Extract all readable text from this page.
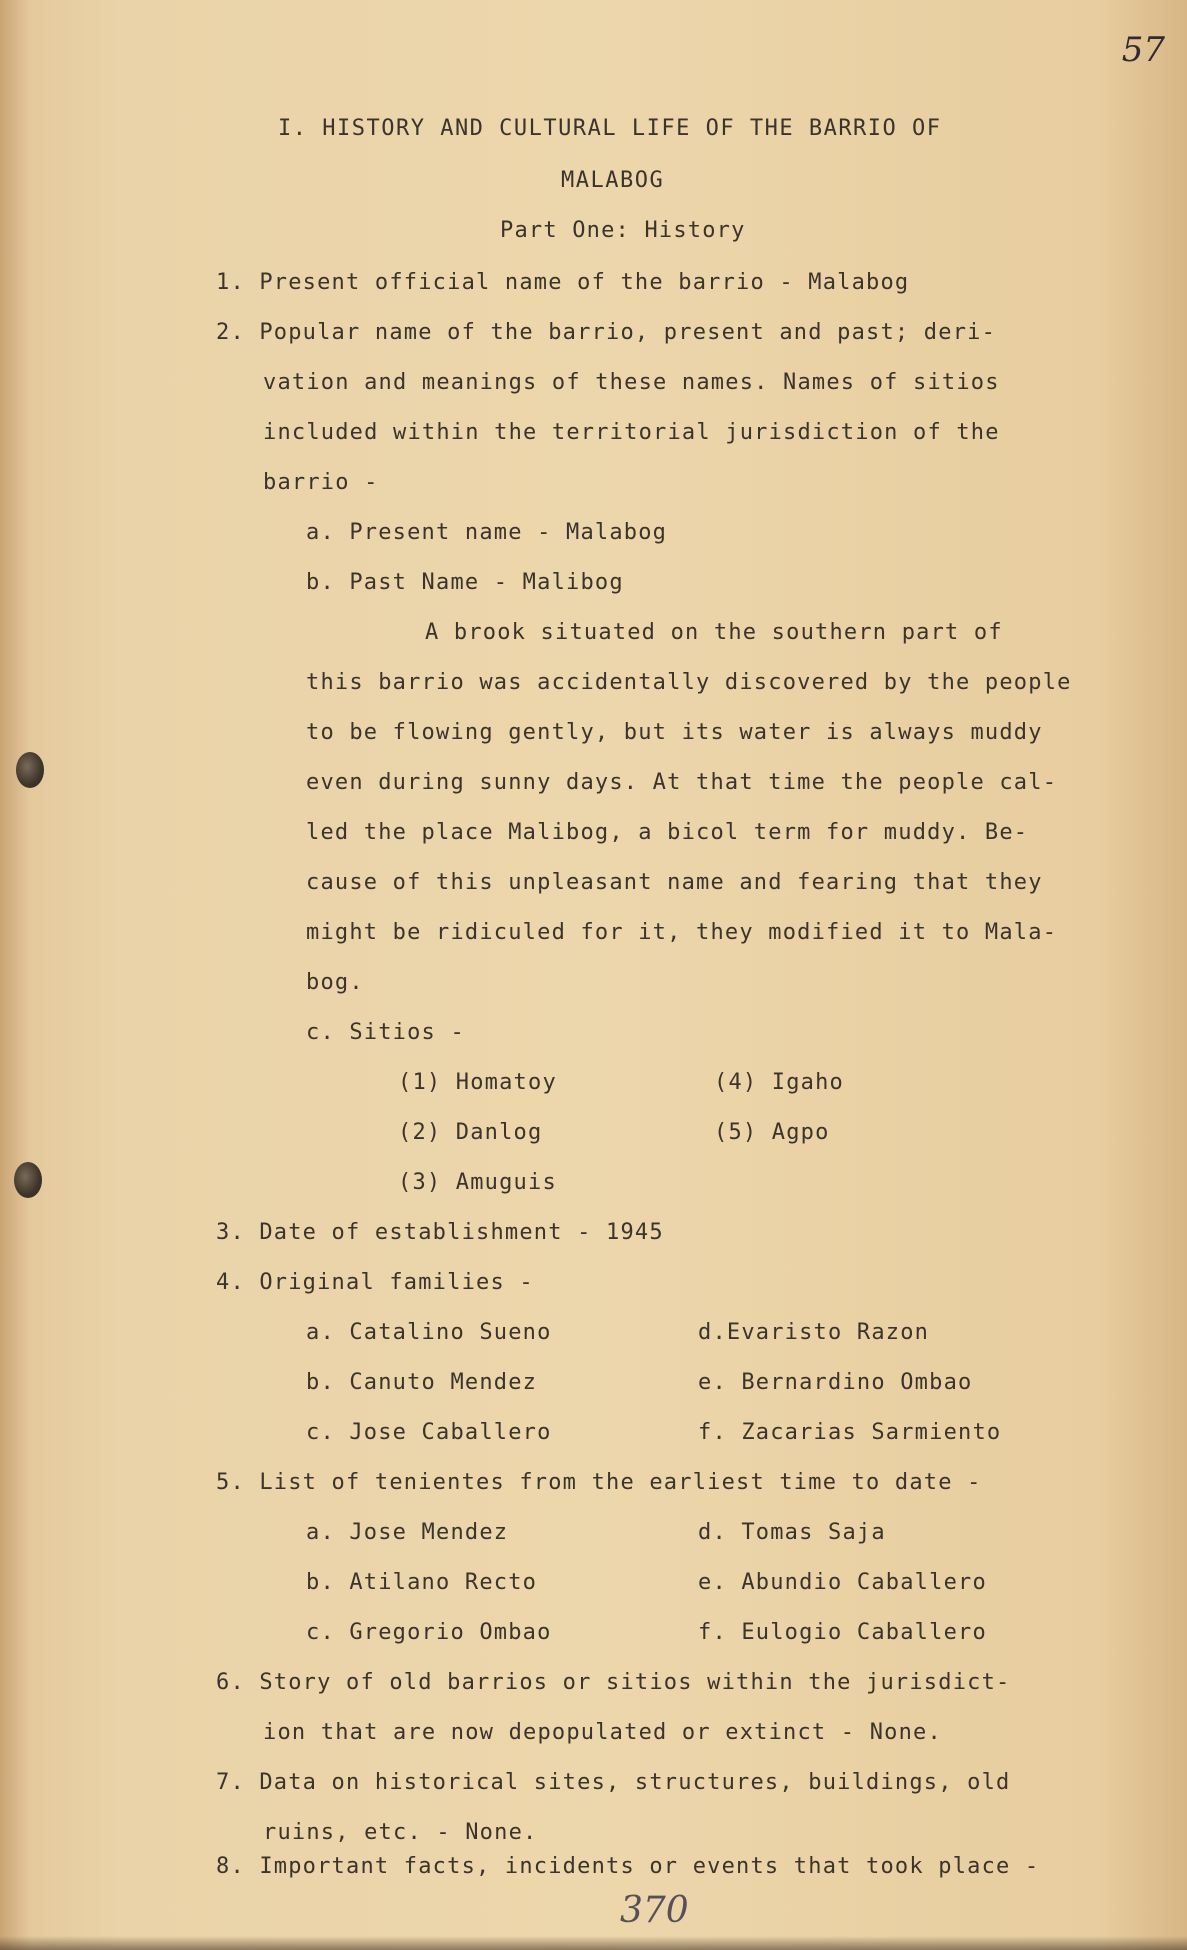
57
I. HISTORY AND CULTURAL LIFE OF THE BARRIO OF
MALABOG
Part One: History
1. Present official name of the barrio - Malabog
2. Popular name of the barrio, present and past; deri-
vation and meanings of these names. Names of sitios
included within the territorial jurisdiction of the
barrio -
a. Present name - Malabog
b. Past Name - Malibog
A brook situated on the southern part of
this barrio was accidentally discovered by the people
to be flowing gently, but its water is always muddy
even during sunny days. At that time the people cal-
led the place Malibog, a bicol term for muddy. Be-
cause of this unpleasant name and fearing that they
might be ridiculed for it, they modified it to Mala-
bog.
c. Sitios -
(1) Homatoy
(2) Danlog
(3) Amuguis
(4) Igaho
(5) Agpo
3. Date of establishment - 1945
4. Original families -
a. Catalino Sueno
b. Canuto Mendez
c. Jose Caballero
d.Evaristo Razon
e. Bernardino Ombao
f. Zacarias Sarmiento
5. List of tenientes from the earliest time to date -
a. Jose Mendez
b. Atilano Recto
c. Gregorio Ombao
d. Tomas Saja
e. Abundio Caballero
f. Eulogio Caballero
6. Story of old barrios or sitios within the jurisdict-
ion that are now depopulated or extinct - None.
7. Data on historical sites, structures, buildings, old
ruins, etc. - None.
8. Important facts, incidents or events that took place -
370
